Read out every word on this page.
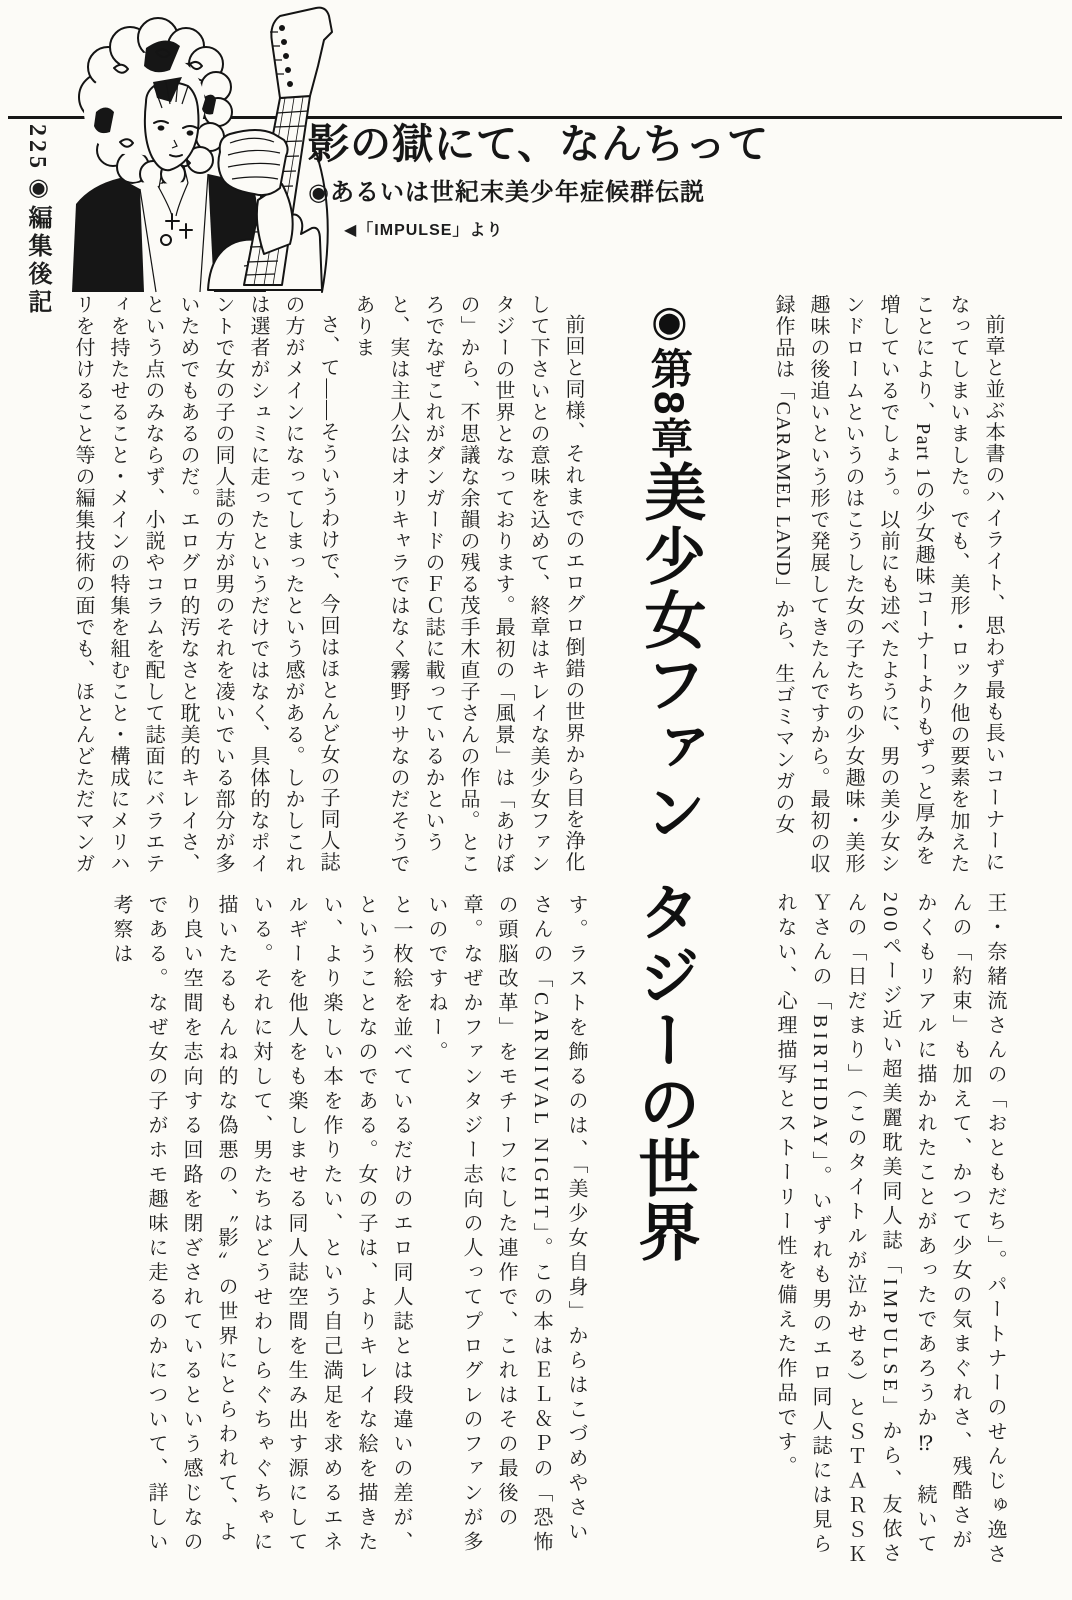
225◉編集後記	影の獄にて、なんちって
◉あるいは世紀末美少年症候群伝説
◀「IMPULSE」より

前章と並ぶ本書のハイライト、思わず最も長いコーナーになってしまいました。でも、美形・ロック他の要素を加えたことにより、Part 1の少女趣味コーナーよりもずっと厚みを増しているでしょう。以前にも述べたように、男の美少女シンドロームというのはこうした女の子たちの少女趣味・美形趣味の後追いという形で発展してきたんですから。最初の収録作品は「CARAMEL LAND」から、生ゴミマンガの女

◉第8章美少女ファン

前回と同様、それまでのエログロ倒錯の世界から目を浄化して下さいとの意味を込めて、終章はキレイな美少女ファンタジーの世界となっております。最初の「風景」は「あけぼの」から、不思議な余韻の残る茂手木直子さんの作品。ところでなぜこれがダンガードのＦＣ誌に載っているかというと、実は主人公はオリキャラではなく霧野リサなのだそうでありま

さ、て——そういうわけで、今回はほとんど女の子同人誌の方がメインになってしまったという感がある。しかしこれは選者がシュミに走ったというだけではなく、具体的なポイントで女の子の同人誌の方が男のそれを凌いでいる部分が多いためでもあるのだ。エログロ的汚なさと耽美的キレイさ、という点のみならず、小説やコラムを配して誌面にバラエティを持たせること・メインの特集を組むこと・構成にメリハリを付けること等の編集技術の面でも、ほとんどただマンガ

王・奈緒流さんの「おともだち」。パートナーのせんじゅ逸さんの「約束」も加えて、かつて少女の気まぐれさ、残酷さがかくもリアルに描かれたことがあったであろうか⁉　続いて200ページ近い超美麗耽美同人誌「IMPULSE」から、友依さんの「日だまり」（このタイトルが泣かせる）とＳＴＡＲＳＫＹさんの「BIRTHDAY」。いずれも男のエロ同人誌には見られない、心理描写とストーリー性を備えた作品です。

タジーの世界

す。ラストを飾るのは、「美少女自身」からはこづめやさいさんの「CARNIVAL NIGHT」。この本はＥＬ＆Ｐの「恐怖の頭脳改革」をモチーフにした連作で、これはその最後の章。なぜかファンタジー志向の人ってプログレのファンが多いのですねー。

と一枚絵を並べているだけのエロ同人誌とは段違いの差が、ということなのである。女の子は、よりキレイな絵を描きたい、より楽しい本を作りたい、という自己満足を求めるエネルギーを他人をも楽しませる同人誌空間を生み出す源にしている。それに対して、男たちはどうせわしらぐちゃぐちゃに描いたるもんね的な偽悪の、〝影〟の世界にとらわれて、より良い空間を志向する回路を閉ざされているという感じなのである。なぜ女の子がホモ趣味に走るのかについて、詳しい考察は
